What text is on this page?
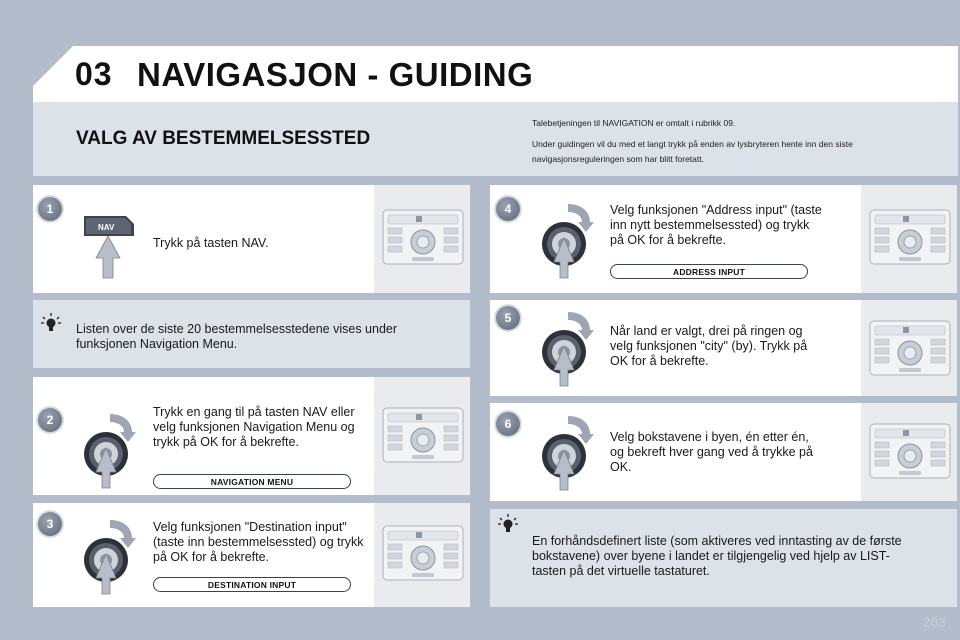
03 NAVIGASJON - GUIDING
VALG AV BESTEMMELSESSTED

Talebetjeningen til NAVIGATION er omtalt i rubrikk 09.

Under guidingen vil du med et langt trykk på enden av lysbryteren hente inn den siste navigasjonsreguleringen som har blitt foretatt.

1
NAV
Trykk på tasten NAV.
Listen over de siste 20 bestemmelsesstedene vises under funksjonen Navigation Menu.
2
Trykk en gang til på tasten NAV eller velg funksjonen Navigation Menu og trykk på OK for å bekrefte.
NAVIGATION MENU
3	Velg funksjonen "Destination input" (taste inn bestemmelsessted) og trykk på OK for å bekrefte.
DESTINATION INPUT
4	Velg funksjonen "Address input" (taste inn nytt bestemmelsessted) og trykk på OK for å bekrefte.
ADDRESS INPUT
5
Når land er valgt, drei på ringen og velg funksjonen "city" (by). Trykk på OK for å bekrefte.
6
Velg bokstavene i byen, én etter én, og bekreft hver gang ved å trykke på OK.
En forhåndsdefinert liste (som aktiveres ved inntasting av de første bokstavene) over byene i landet er tilgjengelig ved hjelp av LIST-tasten på det virtuelle tastaturet.
203
